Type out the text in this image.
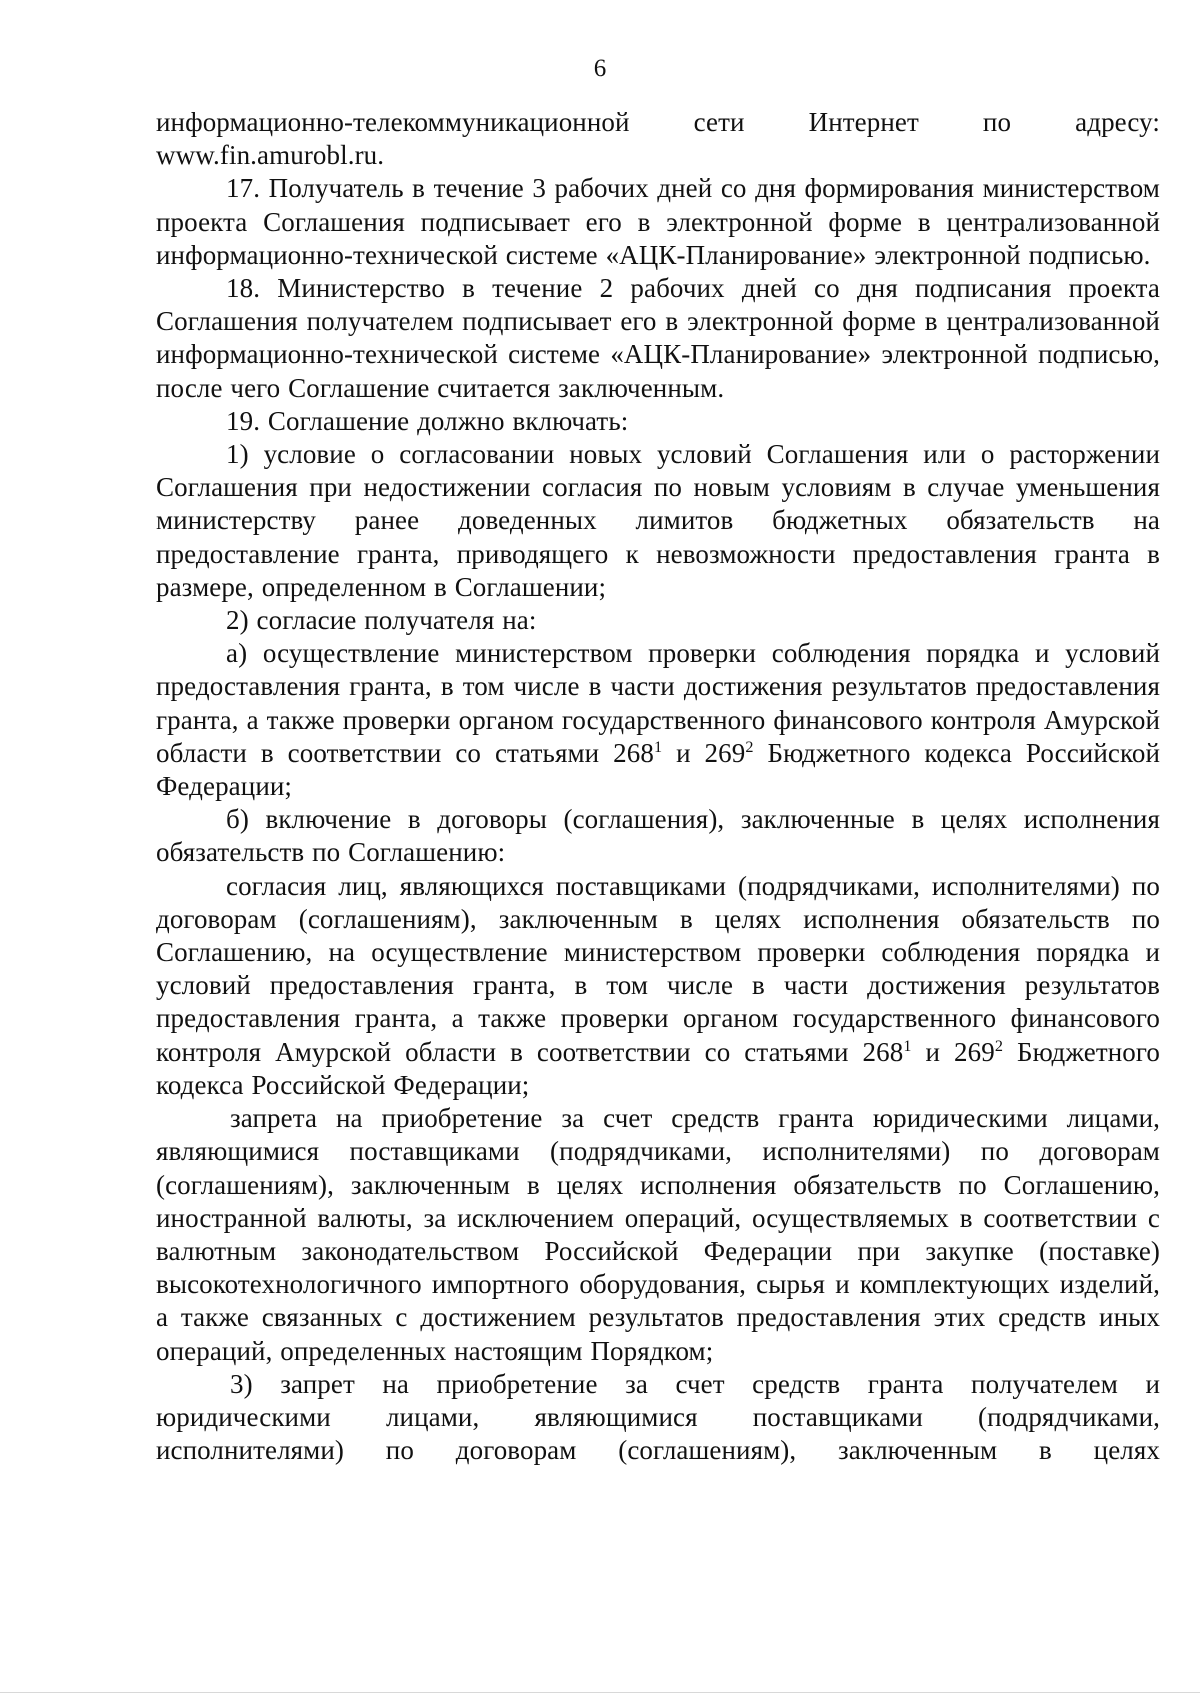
6

информационно-телекоммуникационной сети Интернет по адресу: www.fin.amurobl.ru.

17. Получатель в течение 3 рабочих дней со дня формирования министерством проекта Соглашения подписывает его в электронной форме в централизованной информационно-технической системе «АЦК-Планирование» электронной подписью.

18. Министерство в течение 2 рабочих дней со дня подписания проекта Соглашения получателем подписывает его в электронной форме в централизованной информационно-технической системе «АЦК-Планирование» электронной подписью, после чего Соглашение считается заключенным.

19. Соглашение должно включать:

1) условие о согласовании новых условий Соглашения или о расторжении Соглашения при недостижении согласия по новым условиям в случае уменьшения министерству ранее доведенных лимитов бюджетных обязательств на предоставление гранта, приводящего к невозможности предоставления гранта в размере, определенном в Соглашении;

2) согласие получателя на:

а) осуществление министерством проверки соблюдения порядка и условий предоставления гранта, в том числе в части достижения результатов предоставления гранта, а также проверки органом государственного финансового контроля Амурской области в соответствии со статьями $268^1$ и $269^2$ Бюджетного кодекса Российской Федерации;

б) включение в договоры (соглашения), заключенные в целях исполнения обязательств по Соглашению:

согласия лиц, являющихся поставщиками (подрядчиками, исполнителями) по договорам (соглашениям), заключенным в целях исполнения обязательств по Соглашению, на осуществление министерством проверки соблюдения порядка и условий предоставления гранта, в том числе в части достижения результатов предоставления гранта, а также проверки органом государственного финансового контроля Амурской области в соответствии со статьями $268^1$ и $269^2$ Бюджетного кодекса Российской Федерации;

запрета на приобретение за счет средств гранта юридическими лицами, являющимися поставщиками (подрядчиками, исполнителями) по договорам (соглашениям), заключенным в целях исполнения обязательств по Соглашению, иностранной валюты, за исключением операций, осуществляемых в соответствии с валютным законодательством Российской Федерации при закупке (поставке) высокотехнологичного импортного оборудования, сырья и комплектующих изделий, а также связанных с достижением результатов предоставления этих средств иных операций, определенных настоящим Порядком;

3) запрет на приобретение за счет средств гранта получателем и юридическими лицами, являющимися поставщиками (подрядчиками, исполнителями) по договорам (соглашениям), заключенным в целях
